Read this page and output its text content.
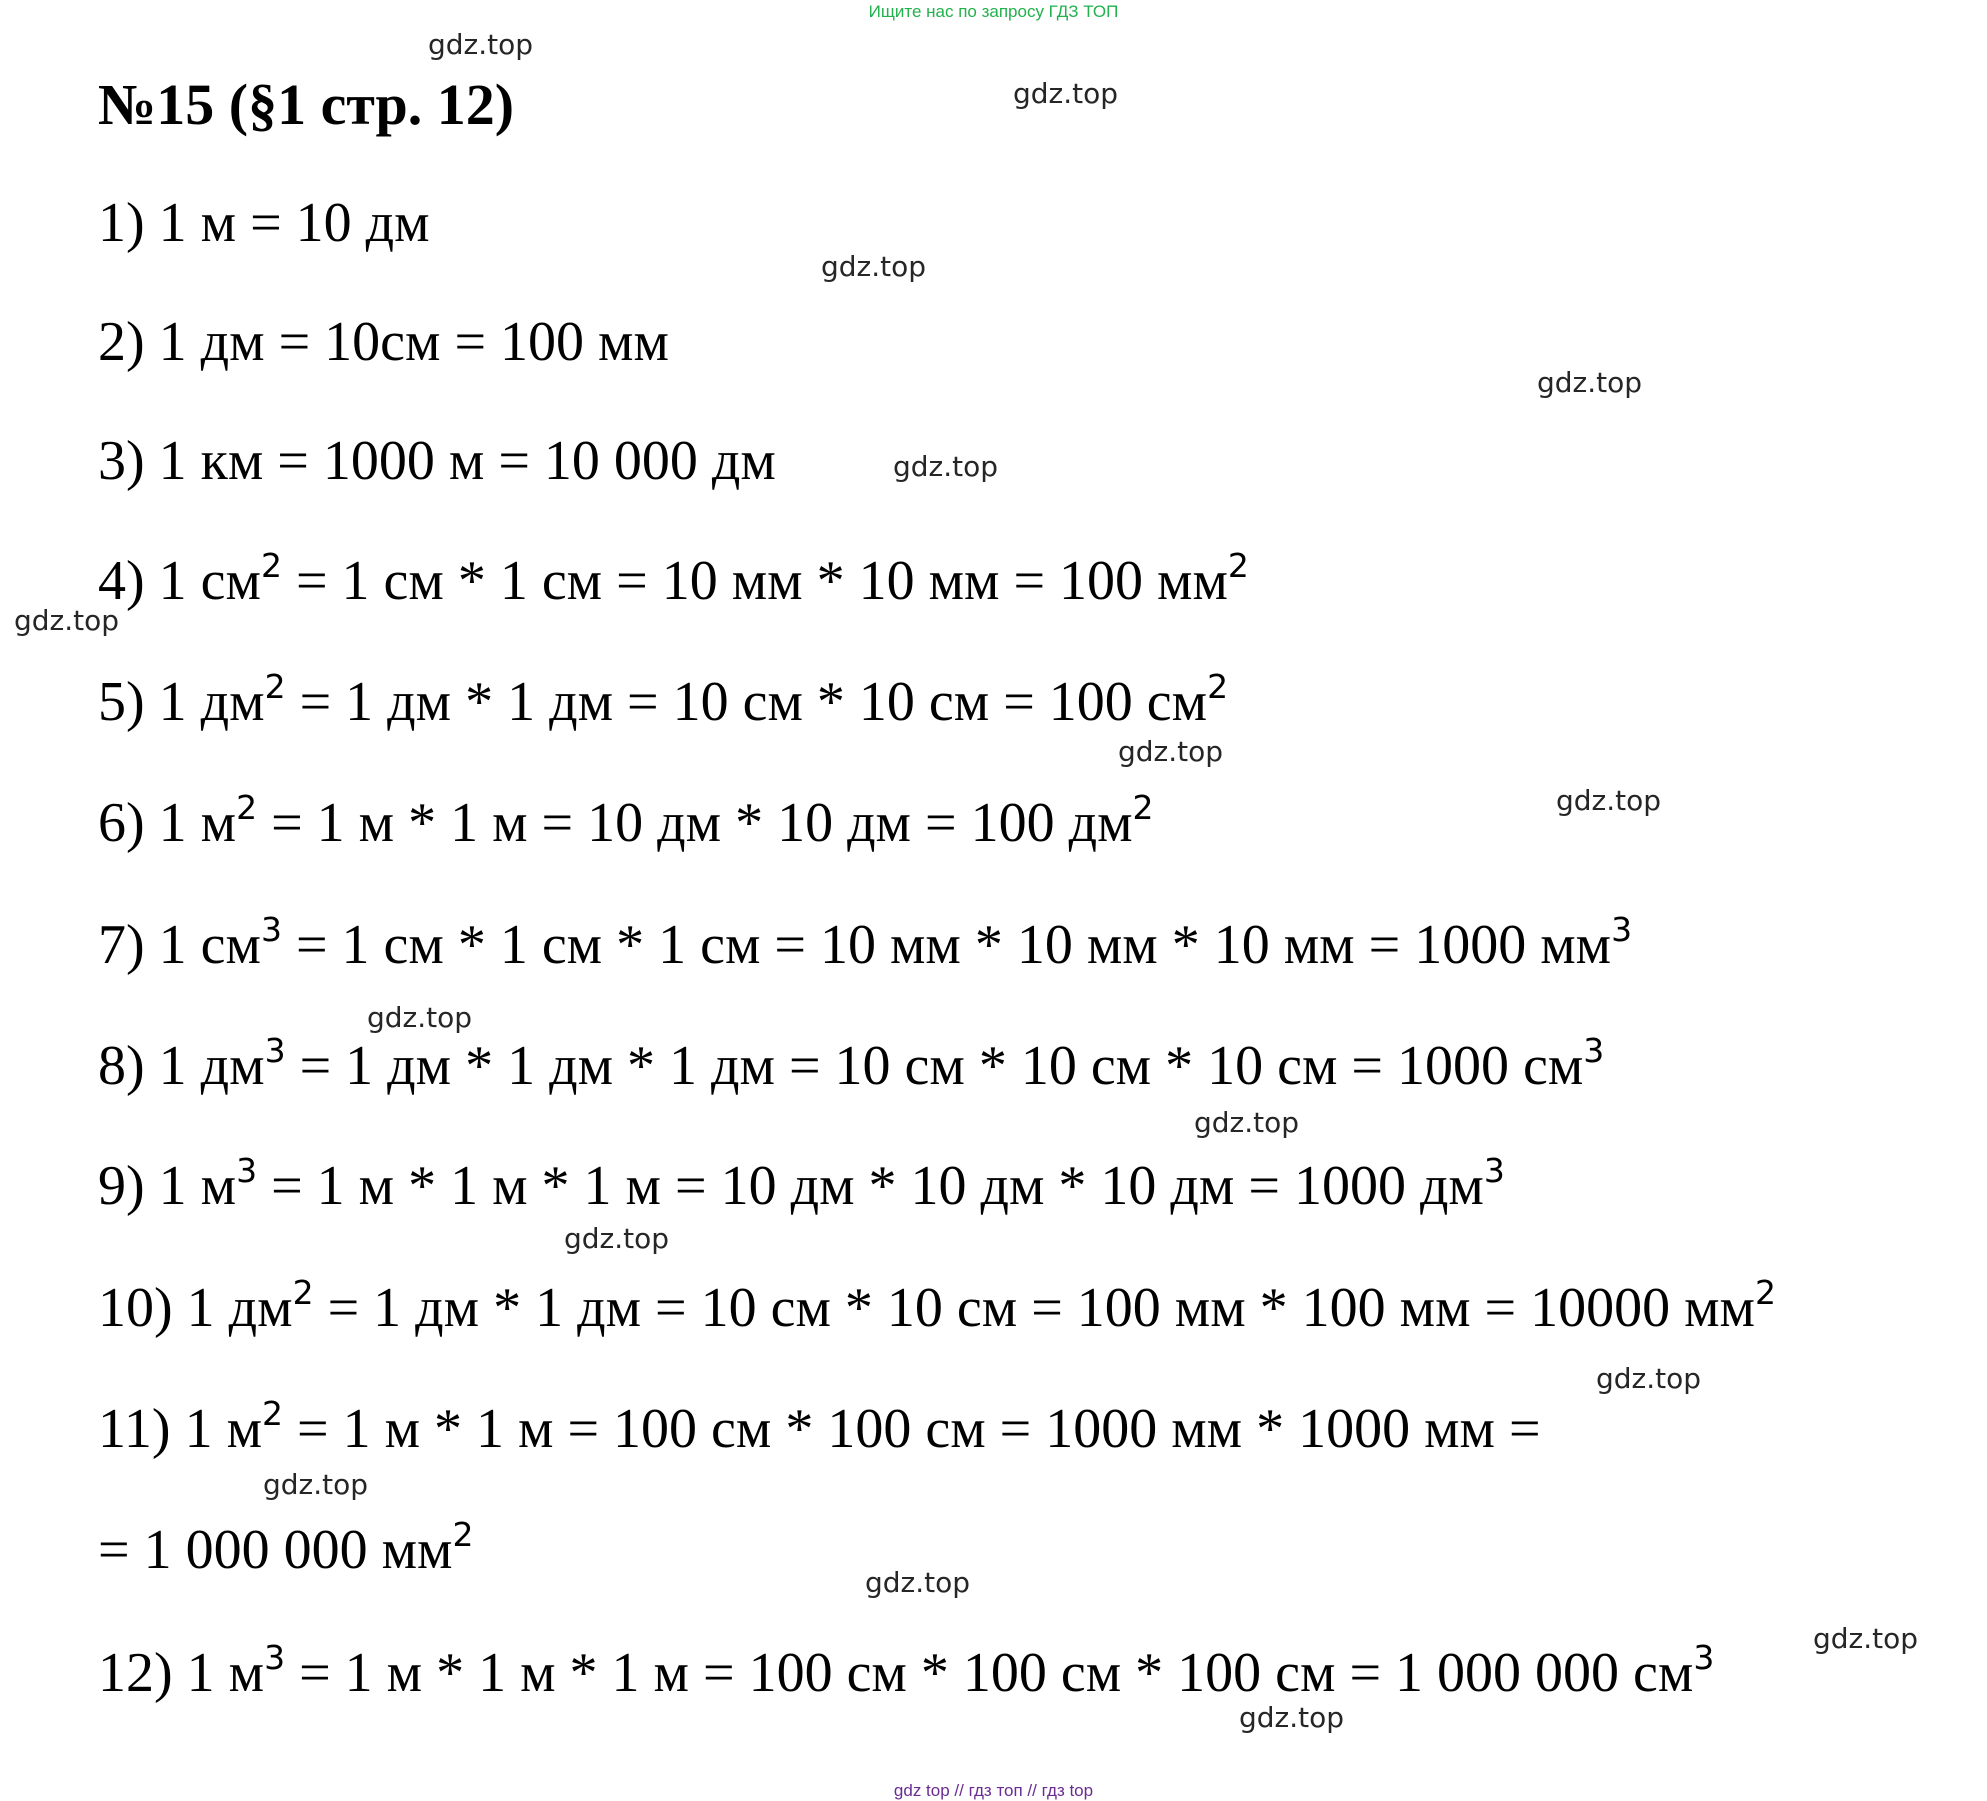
Ищите нас по запросу ГДЗ ТОП
№15 (§1 стр. 12)
1) 1 м = 10 дм
2) 1 дм = 10см = 100 мм
3) 1 км = 1000 м = 10 000 дм
4) 1 $см^2 = 1$ см * 1 см = 10 мм * 10 мм = 100 $мм^2$
5) 1 $дм^2 = 1$ дм * 1 дм = 10 см * 10 см = 100 $см^2$
6) 1 $м^2 = 1$ м * 1 м = 10 дм * 10 дм = 100 $дм^2$
7) 1 $см^3 = 1$ см * 1 см * 1 см = 10 мм * 10 мм * 10 мм = 1000 $мм^3$
8) 1 $дм^3 = 1$ дм * 1 дм * 1 дм = 10 см * 10 см * 10 см = 1000 $см^3$
9) 1 $м^3 = 1$ м * 1 м * 1 м = 10 дм * 10 дм * 10 дм = 1000 $дм^3$
10) 1 $дм^2 = 1$ дм * 1 дм = 10 см * 10 см = 100 мм * 100 мм = 10000 $мм^2$
11) 1 $м^2 = 1$ м * 1 м = 100 см * 100 см = 1000 мм * 1000 мм =
= 1 000 000 $мм^2$
12) 1 $м^3 = 1$ м * 1 м * 1 м = 100 см * 100 см * 100 см = 1 000 000 $см^3$
gdz.top
gdz.top
gdz.top
gdz.top
gdz.top
gdz.top
gdz.top
gdz.top
gdz.top
gdz.top
gdz.top
gdz.top
gdz.top
gdz.top
gdz.top
gdz.top
gdz top // гдз топ // гдз top
